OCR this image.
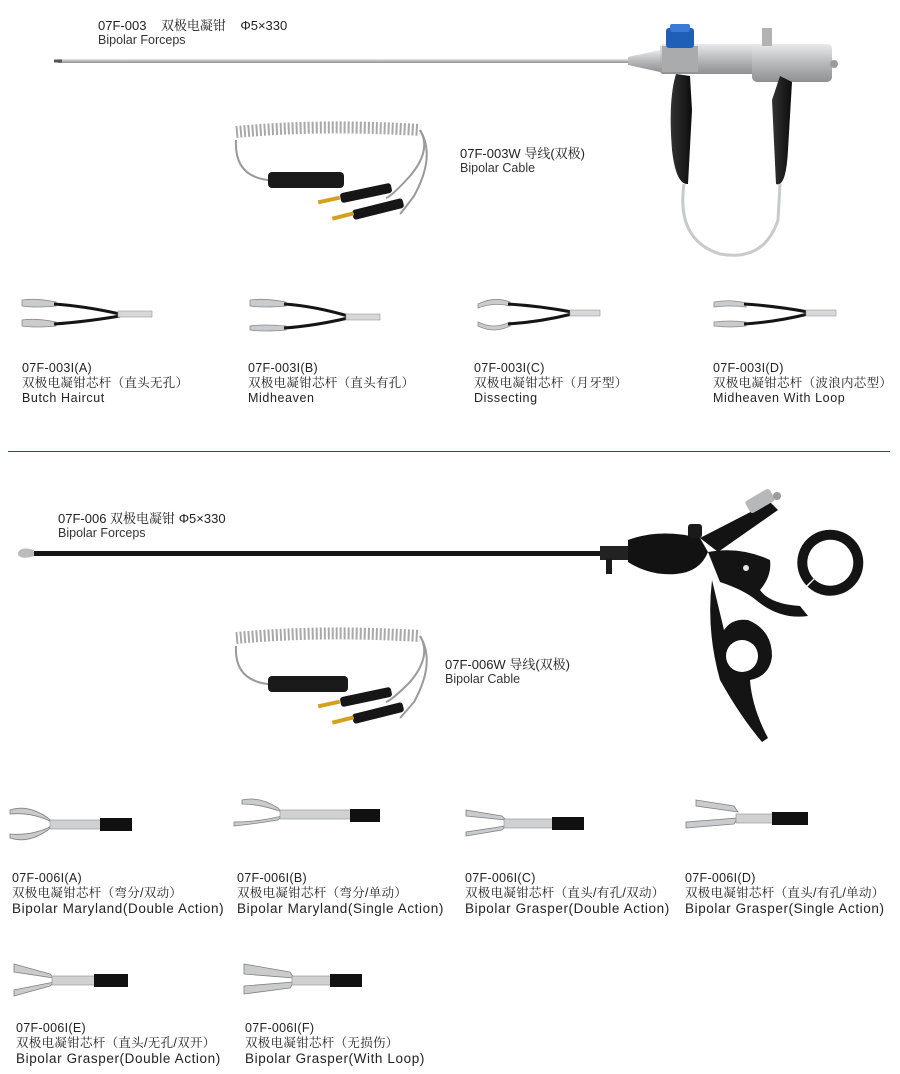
07F-003 双极电凝钳 Φ5×330
Bipolar Forceps
07F-003W 导线(双极)
Bipolar Cable
07F-003I(A)
双极电凝钳芯杆（直头无孔）
Butch Haircut
07F-003I(B)
双极电凝钳芯杆（直头有孔）
Midheaven
07F-003I(C)
双极电凝钳芯杆（月牙型）
Dissecting
07F-003I(D)
双极电凝钳芯杆（波浪内芯型）
Midheaven With Loop
07F-006 双极电凝钳 Φ5×330
Bipolar Forceps
07F-006W 导线(双极)
Bipolar Cable
07F-006I(A)
双极电凝钳芯杆（弯分/双动）
Bipolar Maryland(Double Action)
07F-006I(B)
双极电凝钳芯杆（弯分/单动）
Bipolar Maryland(Single Action)
07F-006I(C)
双极电凝钳芯杆（直头/有孔/双动）
Bipolar Grasper(Double Action)
07F-006I(D)
双极电凝钳芯杆（直头/有孔/单动）
Bipolar Grasper(Single Action)
07F-006I(E)
双极电凝钳芯杆（直头/无孔/双开）
Bipolar Grasper(Double Action)
07F-006I(F)
双极电凝钳芯杆（无损伤）
Bipolar Grasper(With Loop)
